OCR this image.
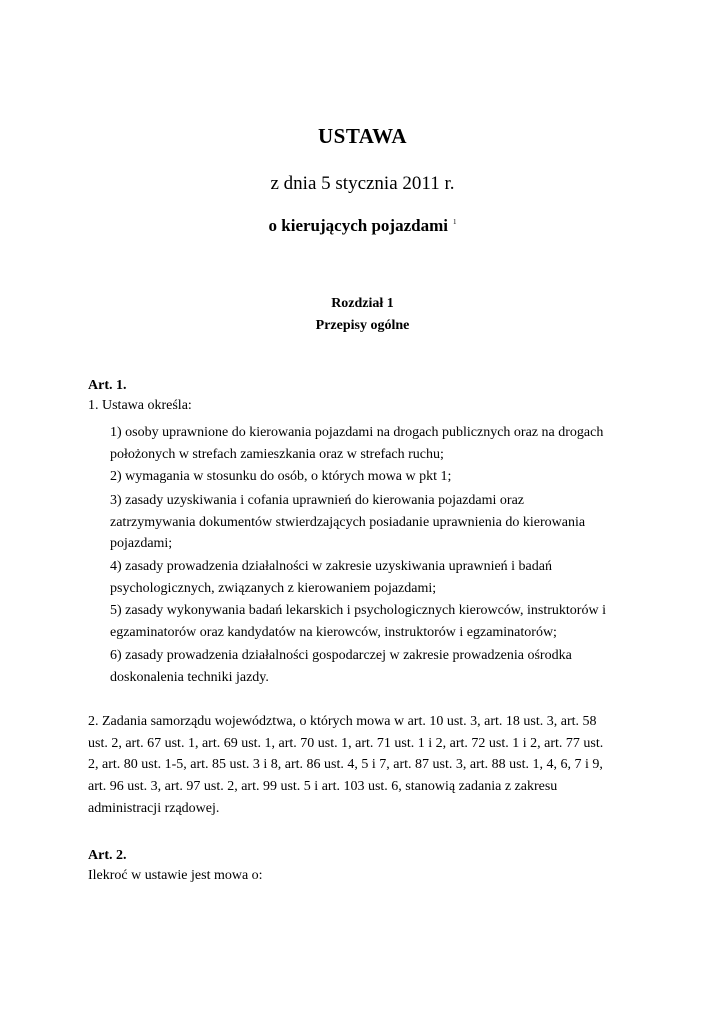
USTAWA
z dnia 5 stycznia 2011 r.
o kierujących pojazdami $^1$
Rozdział 1
Przepisy ogólne
Art. 1.
1. Ustawa określa:
1) osoby uprawnione do kierowania pojazdami na drogach publicznych oraz na drogach
położonych w strefach zamieszkania oraz w strefach ruchu;
2) wymagania w stosunku do osób, o których mowa w pkt 1;
3) zasady uzyskiwania i cofania uprawnień do kierowania pojazdami oraz
zatrzymywania dokumentów stwierdzających posiadanie uprawnienia do kierowania
pojazdami;
4) zasady prowadzenia działalności w zakresie uzyskiwania uprawnień i badań
psychologicznych, związanych z kierowaniem pojazdami;
5) zasady wykonywania badań lekarskich i psychologicznych kierowców, instruktorów i
egzaminatorów oraz kandydatów na kierowców, instruktorów i egzaminatorów;
6) zasady prowadzenia działalności gospodarczej w zakresie prowadzenia ośrodka
doskonalenia techniki jazdy.
2. Zadania samorządu województwa, o których mowa w art. 10 ust. 3, art. 18 ust. 3, art. 58
ust. 2, art. 67 ust. 1, art. 69 ust. 1, art. 70 ust. 1, art. 71 ust. 1 i 2, art. 72 ust. 1 i 2, art. 77 ust.
2, art. 80 ust. 1-5, art. 85 ust. 3 i 8, art. 86 ust. 4, 5 i 7, art. 87 ust. 3, art. 88 ust. 1, 4, 6, 7 i 9,
art. 96 ust. 3, art. 97 ust. 2, art. 99 ust. 5 i art. 103 ust. 6, stanowią zadania z zakresu
administracji rządowej.
Art. 2.
Ilekroć w ustawie jest mowa o:
